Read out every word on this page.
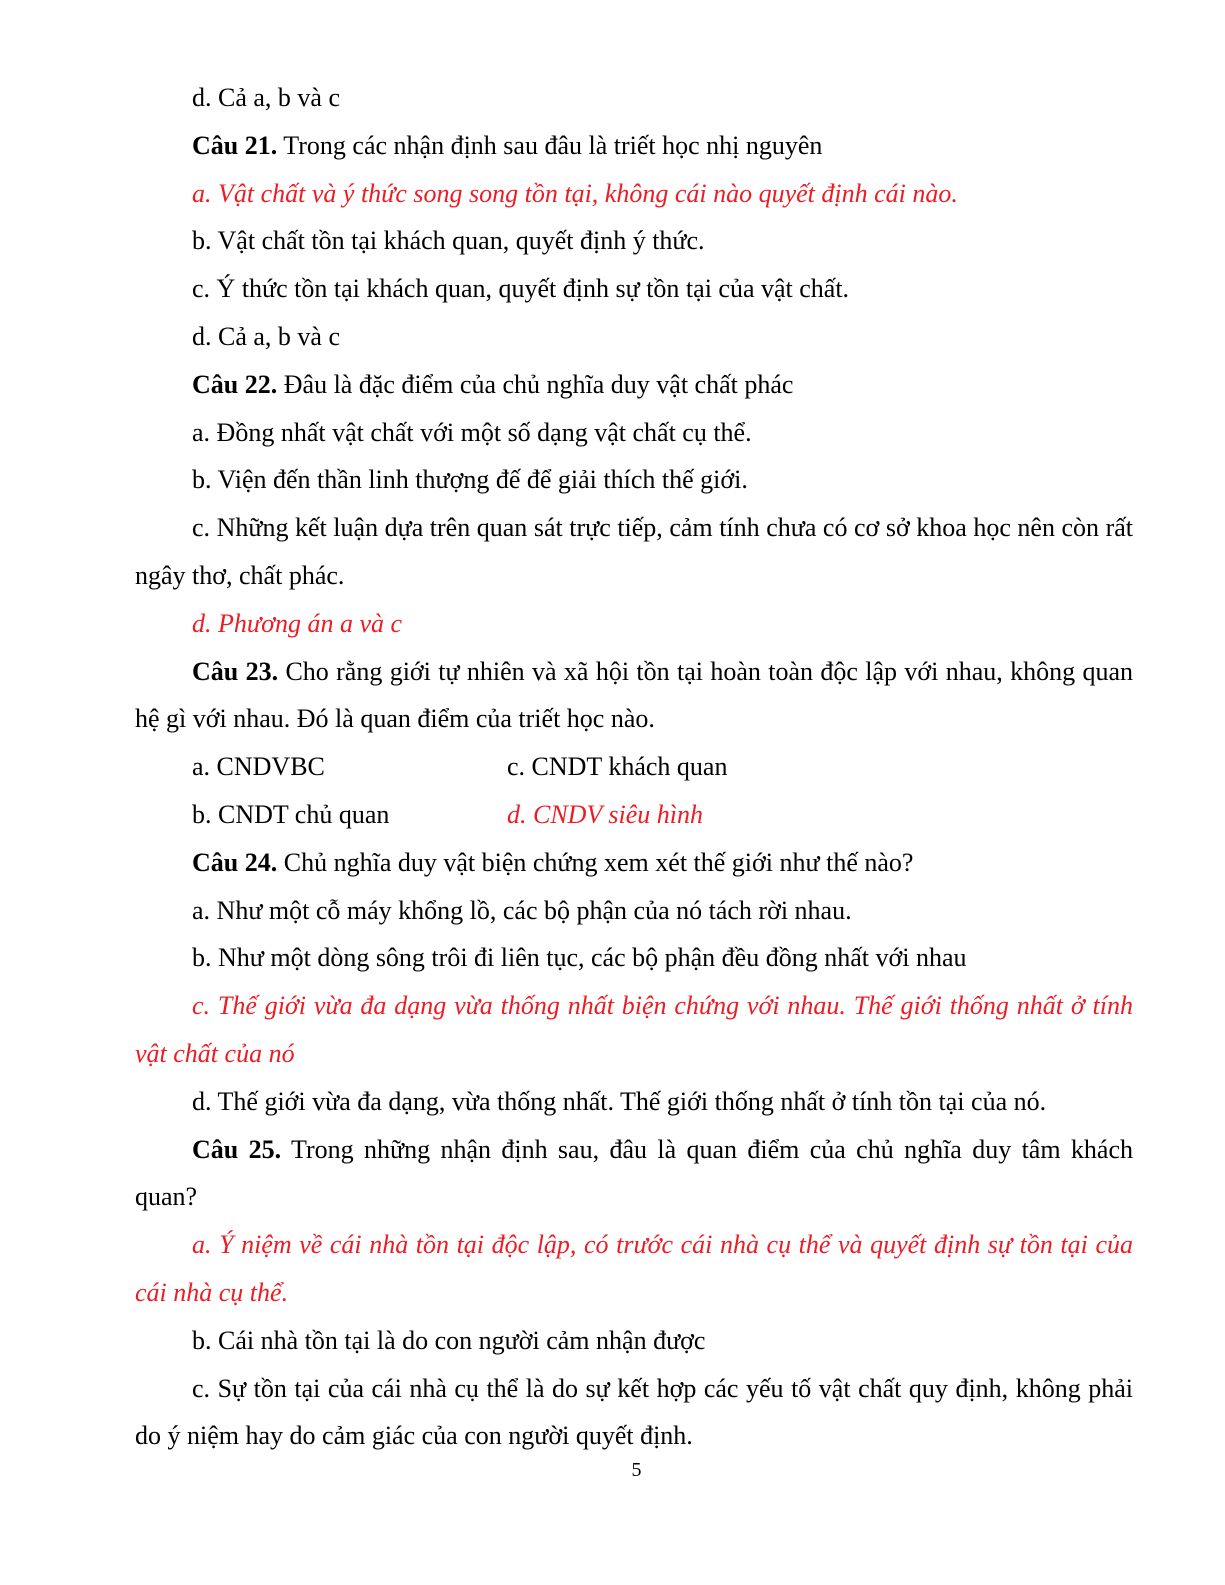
d. Cả a, b và c

Câu 21. Trong các nhận định sau đâu là triết học nhị nguyên

a. Vật chất và ý thức song song tồn tại, không cái nào quyết định cái nào.

b. Vật chất tồn tại khách quan, quyết định ý thức.

c. Ý thức tồn tại khách quan, quyết định sự tồn tại của vật chất.

d. Cả a, b và c

Câu 22. Đâu là đặc điểm của chủ nghĩa duy vật chất phác

a. Đồng nhất vật chất với một số dạng vật chất cụ thể.

b. Viện đến thần linh thượng đế để giải thích thế giới.

c. Những kết luận dựa trên quan sát trực tiếp, cảm tính chưa có cơ sở khoa học nên còn rất ngây thơ, chất phác.

d. Phương án a và c

Câu 23. Cho rằng giới tự nhiên và xã hội tồn tại hoàn toàn độc lập với nhau, không quan hệ gì với nhau. Đó là quan điểm của triết học nào.

a. CNDVBC	c. CNDT khách quan
b. CNDT chủ quan	d. CNDV siêu hình

Câu 24. Chủ nghĩa duy vật biện chứng xem xét thế giới như thế nào?

a. Như một cỗ máy khổng lồ, các bộ phận của nó tách rời nhau.

b. Như một dòng sông trôi đi liên tục, các bộ phận đều đồng nhất với nhau

c. Thế giới vừa đa dạng vừa thống nhất biện chứng với nhau. Thế giới thống nhất ở tính vật chất của nó

d. Thế giới vừa đa dạng, vừa thống nhất. Thế giới thống nhất ở tính tồn tại của nó.

Câu 25. Trong những nhận định sau, đâu là quan điểm của chủ nghĩa duy tâm khách quan?

a. Ý niệm về cái nhà tồn tại độc lập, có trước cái nhà cụ thể và quyết định sự tồn tại của cái nhà cụ thể.

b. Cái nhà tồn tại là do con người cảm nhận được

c. Sự tồn tại của cái nhà cụ thể là do sự kết hợp các yếu tố vật chất quy định, không phải do ý niệm hay do cảm giác của con người quyết định.

5
